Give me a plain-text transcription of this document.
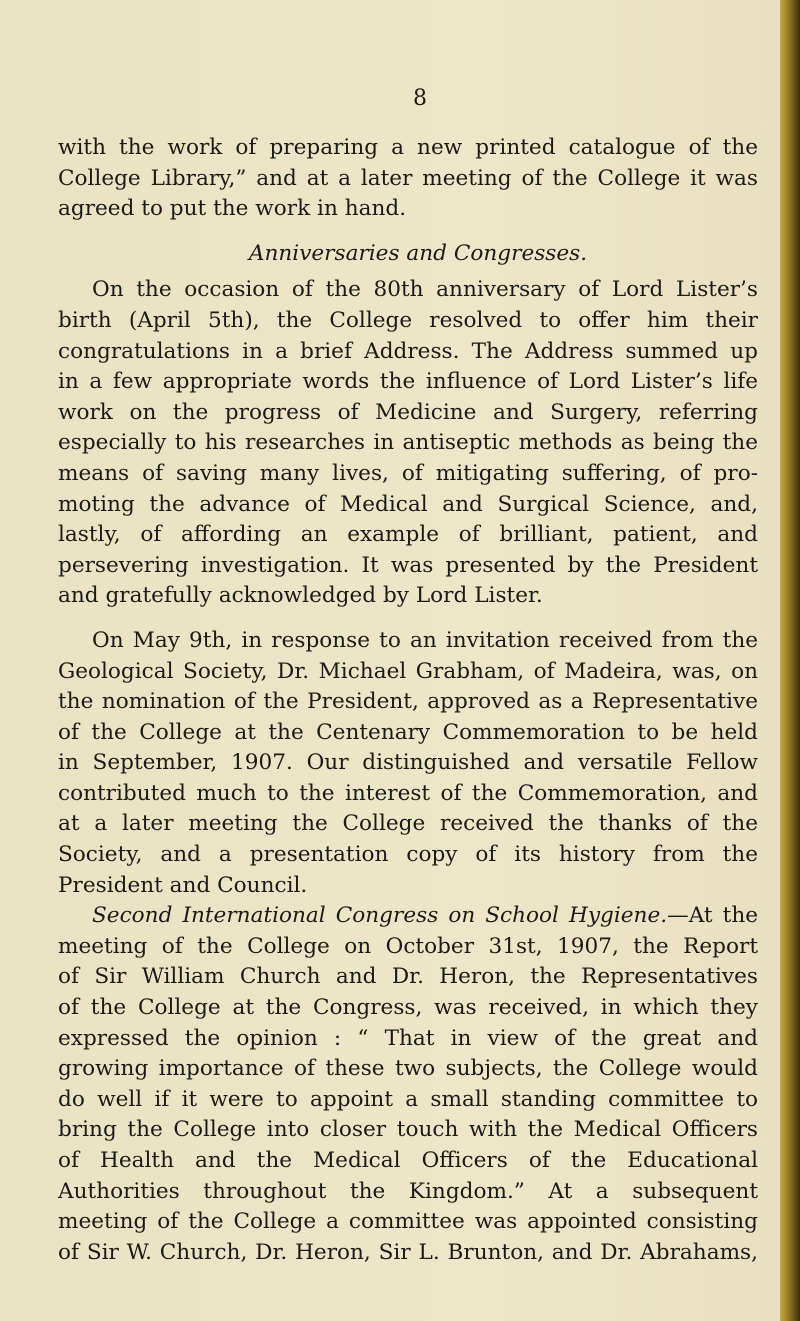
8
with the work of preparing a new printed catalogue of the
College Library,” and at a later meeting of the College it was
agreed to put the work in hand.
Anniversaries and Congresses.
On the occasion of the 80th anniversary of Lord Lister’s
birth (April 5th), the College resolved to offer him their
congratulations in a brief Address. The Address summed up
in a few appropriate words the influence of Lord Lister’s life
work on the progress of Medicine and Surgery, referring
especially to his researches in antiseptic methods as being the
means of saving many lives, of mitigating suffering, of pro-
moting the advance of Medical and Surgical Science, and,
lastly, of affording an example of brilliant, patient, and
persevering investigation. It was presented by the President
and gratefully acknowledged by Lord Lister.
On May 9th, in response to an invitation received from the
Geological Society, Dr. Michael Grabham, of Madeira, was, on
the nomination of the President, approved as a Representative
of the College at the Centenary Commemoration to be held
in September, 1907. Our distinguished and versatile Fellow
contributed much to the interest of the Commemoration, and
at a later meeting the College received the thanks of the
Society, and a presentation copy of its history from the
President and Council.
Second International Congress on School Hygiene.—At the
meeting of the College on October 31st, 1907, the Report
of Sir William Church and Dr. Heron, the Representatives
of the College at the Congress, was received, in which they
expressed the opinion : “ That in view of the great and
growing importance of these two subjects, the College would
do well if it were to appoint a small standing committee to
bring the College into closer touch with the Medical Officers
of Health and the Medical Officers of the Educational
Authorities throughout the Kingdom.” At a subsequent
meeting of the College a committee was appointed consisting
of Sir W. Church, Dr. Heron, Sir L. Brunton, and Dr. Abrahams,
